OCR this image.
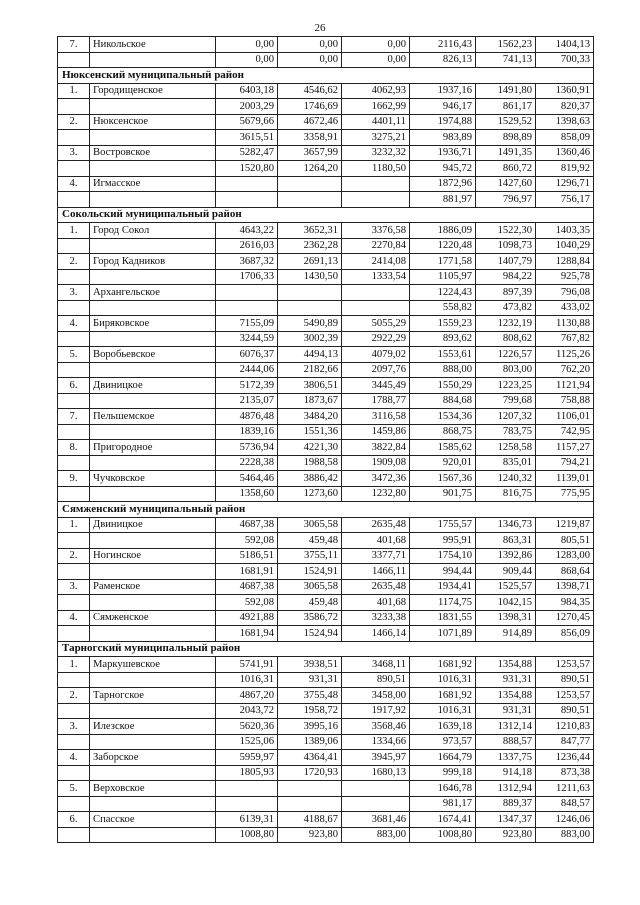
26
7.	Никольское	0,00	0,00	0,00	2116,43	1562,23	1404,13
		0,00	0,00	0,00	826,13	741,13	700,33
Нюксенский муниципальный район							
1.	Городищенское	6403,18	4546,62	4062,93	1937,16	1491,80	1360,91
		2003,29	1746,69	1662,99	946,17	861,17	820,37
2.	Нюксенское	5679,66	4672,46	4401,11	1974,88	1529,52	1398,63
		3615,51	3358,91	3275,21	983,89	898,89	858,09
3.	Востровское	5282,47	3657,99	3232,32	1936,71	1491,35	1360,46
		1520,80	1264,20	1180,50	945,72	860,72	819,92
4.	Игмасское				1872,96	1427,60	1296,71
					881,97	796,97	756,17
Сокольский муниципальный район							
1.	Город Сокол	4643,22	3652,31	3376,58	1886,09	1522,30	1403,35
		2616,03	2362,28	2270,84	1220,48	1098,73	1040,29
2.	Город Кадников	3687,32	2691,13	2414,08	1771,58	1407,79	1288,84
		1706,33	1430,50	1333,54	1105,97	984,22	925,78
3.	Архангельское				1224,43	897,39	796,08
					558,82	473,82	433,02
4.	Биряковское	7155,09	5490,89	5055,29	1559,23	1232,19	1130,88
		3244,59	3002,39	2922,29	893,62	808,62	767,82
5.	Воробьевское	6076,37	4494,13	4079,02	1553,61	1226,57	1125,26
		2444,06	2182,66	2097,76	888,00	803,00	762,20
6.	Двиницкое	5172,39	3806,51	3445,49	1550,29	1223,25	1121,94
		2135,07	1873,67	1788,77	884,68	799,68	758,88
7.	Пельшемское	4876,48	3484,20	3116,58	1534,36	1207,32	1106,01
		1839,16	1551,36	1459,86	868,75	783,75	742,95
8.	Пригородное	5736,94	4221,30	3822,84	1585,62	1258,58	1157,27
		2228,38	1988,58	1909,08	920,01	835,01	794,21
9.	Чучковское	5464,46	3886,42	3472,36	1567,36	1240,32	1139,01
		1358,60	1273,60	1232,80	901,75	816,75	775,95
Сямженский муниципальный район							
1.	Двиницкое	4687,38	3065,58	2635,48	1755,57	1346,73	1219,87
		592,08	459,48	401,68	995,91	863,31	805,51
2.	Ногинское	5186,51	3755,11	3377,71	1754,10	1392,86	1283,00
		1681,91	1524,91	1466,11	994,44	909,44	868,64
3.	Раменское	4687,38	3065,58	2635,48	1934,41	1525,57	1398,71
		592,08	459,48	401,68	1174,75	1042,15	984,35
4.	Сямженское	4921,88	3586,72	3233,38	1831,55	1398,31	1270,45
		1681,94	1524,94	1466,14	1071,89	914,89	856,09
Тарногский муниципальный район							
1.	Маркушевское	5741,91	3938,51	3468,11	1681,92	1354,88	1253,57
		1016,31	931,31	890,51	1016,31	931,31	890,51
2.	Тарногское	4867,20	3755,48	3458,00	1681,92	1354,88	1253,57
		2043,72	1958,72	1917,92	1016,31	931,31	890,51
3.	Илезское	5620,36	3995,16	3568,46	1639,18	1312,14	1210,83
		1525,06	1389,06	1334,66	973,57	888,57	847,77
4.	Заборское	5959,97	4364,41	3945,97	1664,79	1337,75	1236,44
		1805,93	1720,93	1680,13	999,18	914,18	873,38
5.	Верховское				1646,78	1312,94	1211,63
					981,17	889,37	848,57
6.	Спасское	6139,31	4188,67	3681,46	1674,41	1347,37	1246,06
		1008,80	923,80	883,00	1008,80	923,80	883,00
